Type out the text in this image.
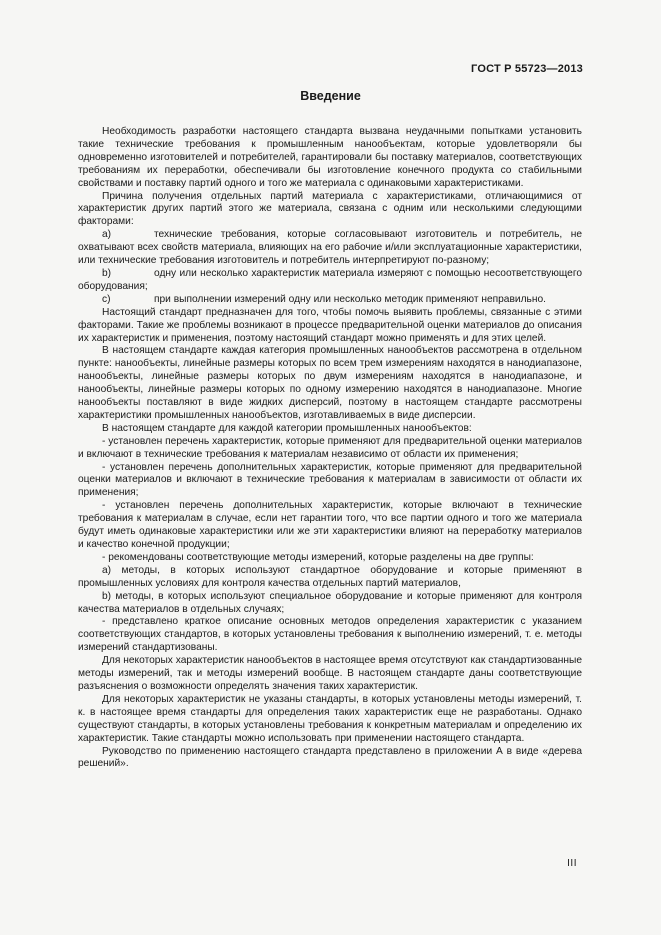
ГОСТ Р 55723—2013
Введение

Необходимость разработки настоящего стандарта вызвана неудачными попытками установить такие технические требования к промышленным нанообъектам, которые удовлетворяли бы одновременно изготовителей и потребителей, гарантировали бы поставку материалов, соответствующих требованиям их переработки, обеспечивали бы изготовление конечного продукта со стабильными свойствами и поставку партий одного и того же материала с одинаковыми характеристиками.

Причина получения отдельных партий материала с характеристиками, отличающимися от характеристик других партий этого же материала, связана с одним или несколькими следующими факторами:

а)	технические требования, которые согласовывают изготовитель и потребитель, не охватывают всех свойств материала, влияющих на его рабочие и/или эксплуатационные характеристики, или технические требования изготовитель и потребитель интерпретируют по-разному;

b)	одну или несколько характеристик материала измеряют с помощью несоответствующего оборудования;

с)	при выполнении измерений одну или несколько методик применяют неправильно.

Настоящий стандарт предназначен для того, чтобы помочь выявить проблемы, связанные с этими факторами. Такие же проблемы возникают в процессе предварительной оценки материалов до описания их характеристик и применения, поэтому настоящий стандарт можно применять и для этих целей.

В настоящем стандарте каждая категория промышленных нанообъектов рассмотрена в отдельном пункте: нанообъекты, линейные размеры которых по всем трем измерениям находятся в нанодиапазоне, нанообъекты, линейные размеры которых по двум измерениям находятся в нанодиапазоне, и нанообъекты, линейные размеры которых по одному измерению находятся в нанодиапазоне. Многие нанообъекты поставляют в виде жидких дисперсий, поэтому в настоящем стандарте рассмотрены характеристики промышленных нанообъектов, изготавливаемых в виде дисперсии.

В настоящем стандарте для каждой категории промышленных нанообъектов:

- установлен перечень характеристик, которые применяют для предварительной оценки материалов и включают в технические требования к материалам независимо от области их применения;

- установлен перечень дополнительных характеристик, которые применяют для предварительной оценки материалов и включают в технические требования к материалам в зависимости от области их применения;

- установлен перечень дополнительных характеристик, которые включают в технические требования к материалам в случае, если нет гарантии того, что все партии одного и того же материала будут иметь одинаковые характеристики или же эти характеристики влияют на переработку материалов и качество конечной продукции;

- рекомендованы соответствующие методы измерений, которые разделены на две группы:

а) методы, в которых используют стандартное оборудование и которые применяют в промышленных условиях для контроля качества отдельных партий материалов,

b) методы, в которых используют специальное оборудование и которые применяют для контроля качества материалов в отдельных случаях;

- представлено краткое описание основных методов определения характеристик с указанием соответствующих стандартов, в которых установлены требования к выполнению измерений, т. е. методы измерений стандартизованы.

Для некоторых характеристик нанообъектов в настоящее время отсутствуют как стандартизованные методы измерений, так и методы измерений вообще. В настоящем стандарте даны соответствующие разъяснения о возможности определять значения таких характеристик.

Для некоторых характеристик не указаны стандарты, в которых установлены методы измерений, т. к. в настоящее время стандарты для определения таких характеристик еще не разработаны. Однако существуют стандарты, в которых установлены требования к конкретным материалам и определению их характеристик. Такие стандарты можно использовать при применении настоящего стандарта.

Руководство по применению настоящего стандарта представлено в приложении А в виде «дерева решений».

III
